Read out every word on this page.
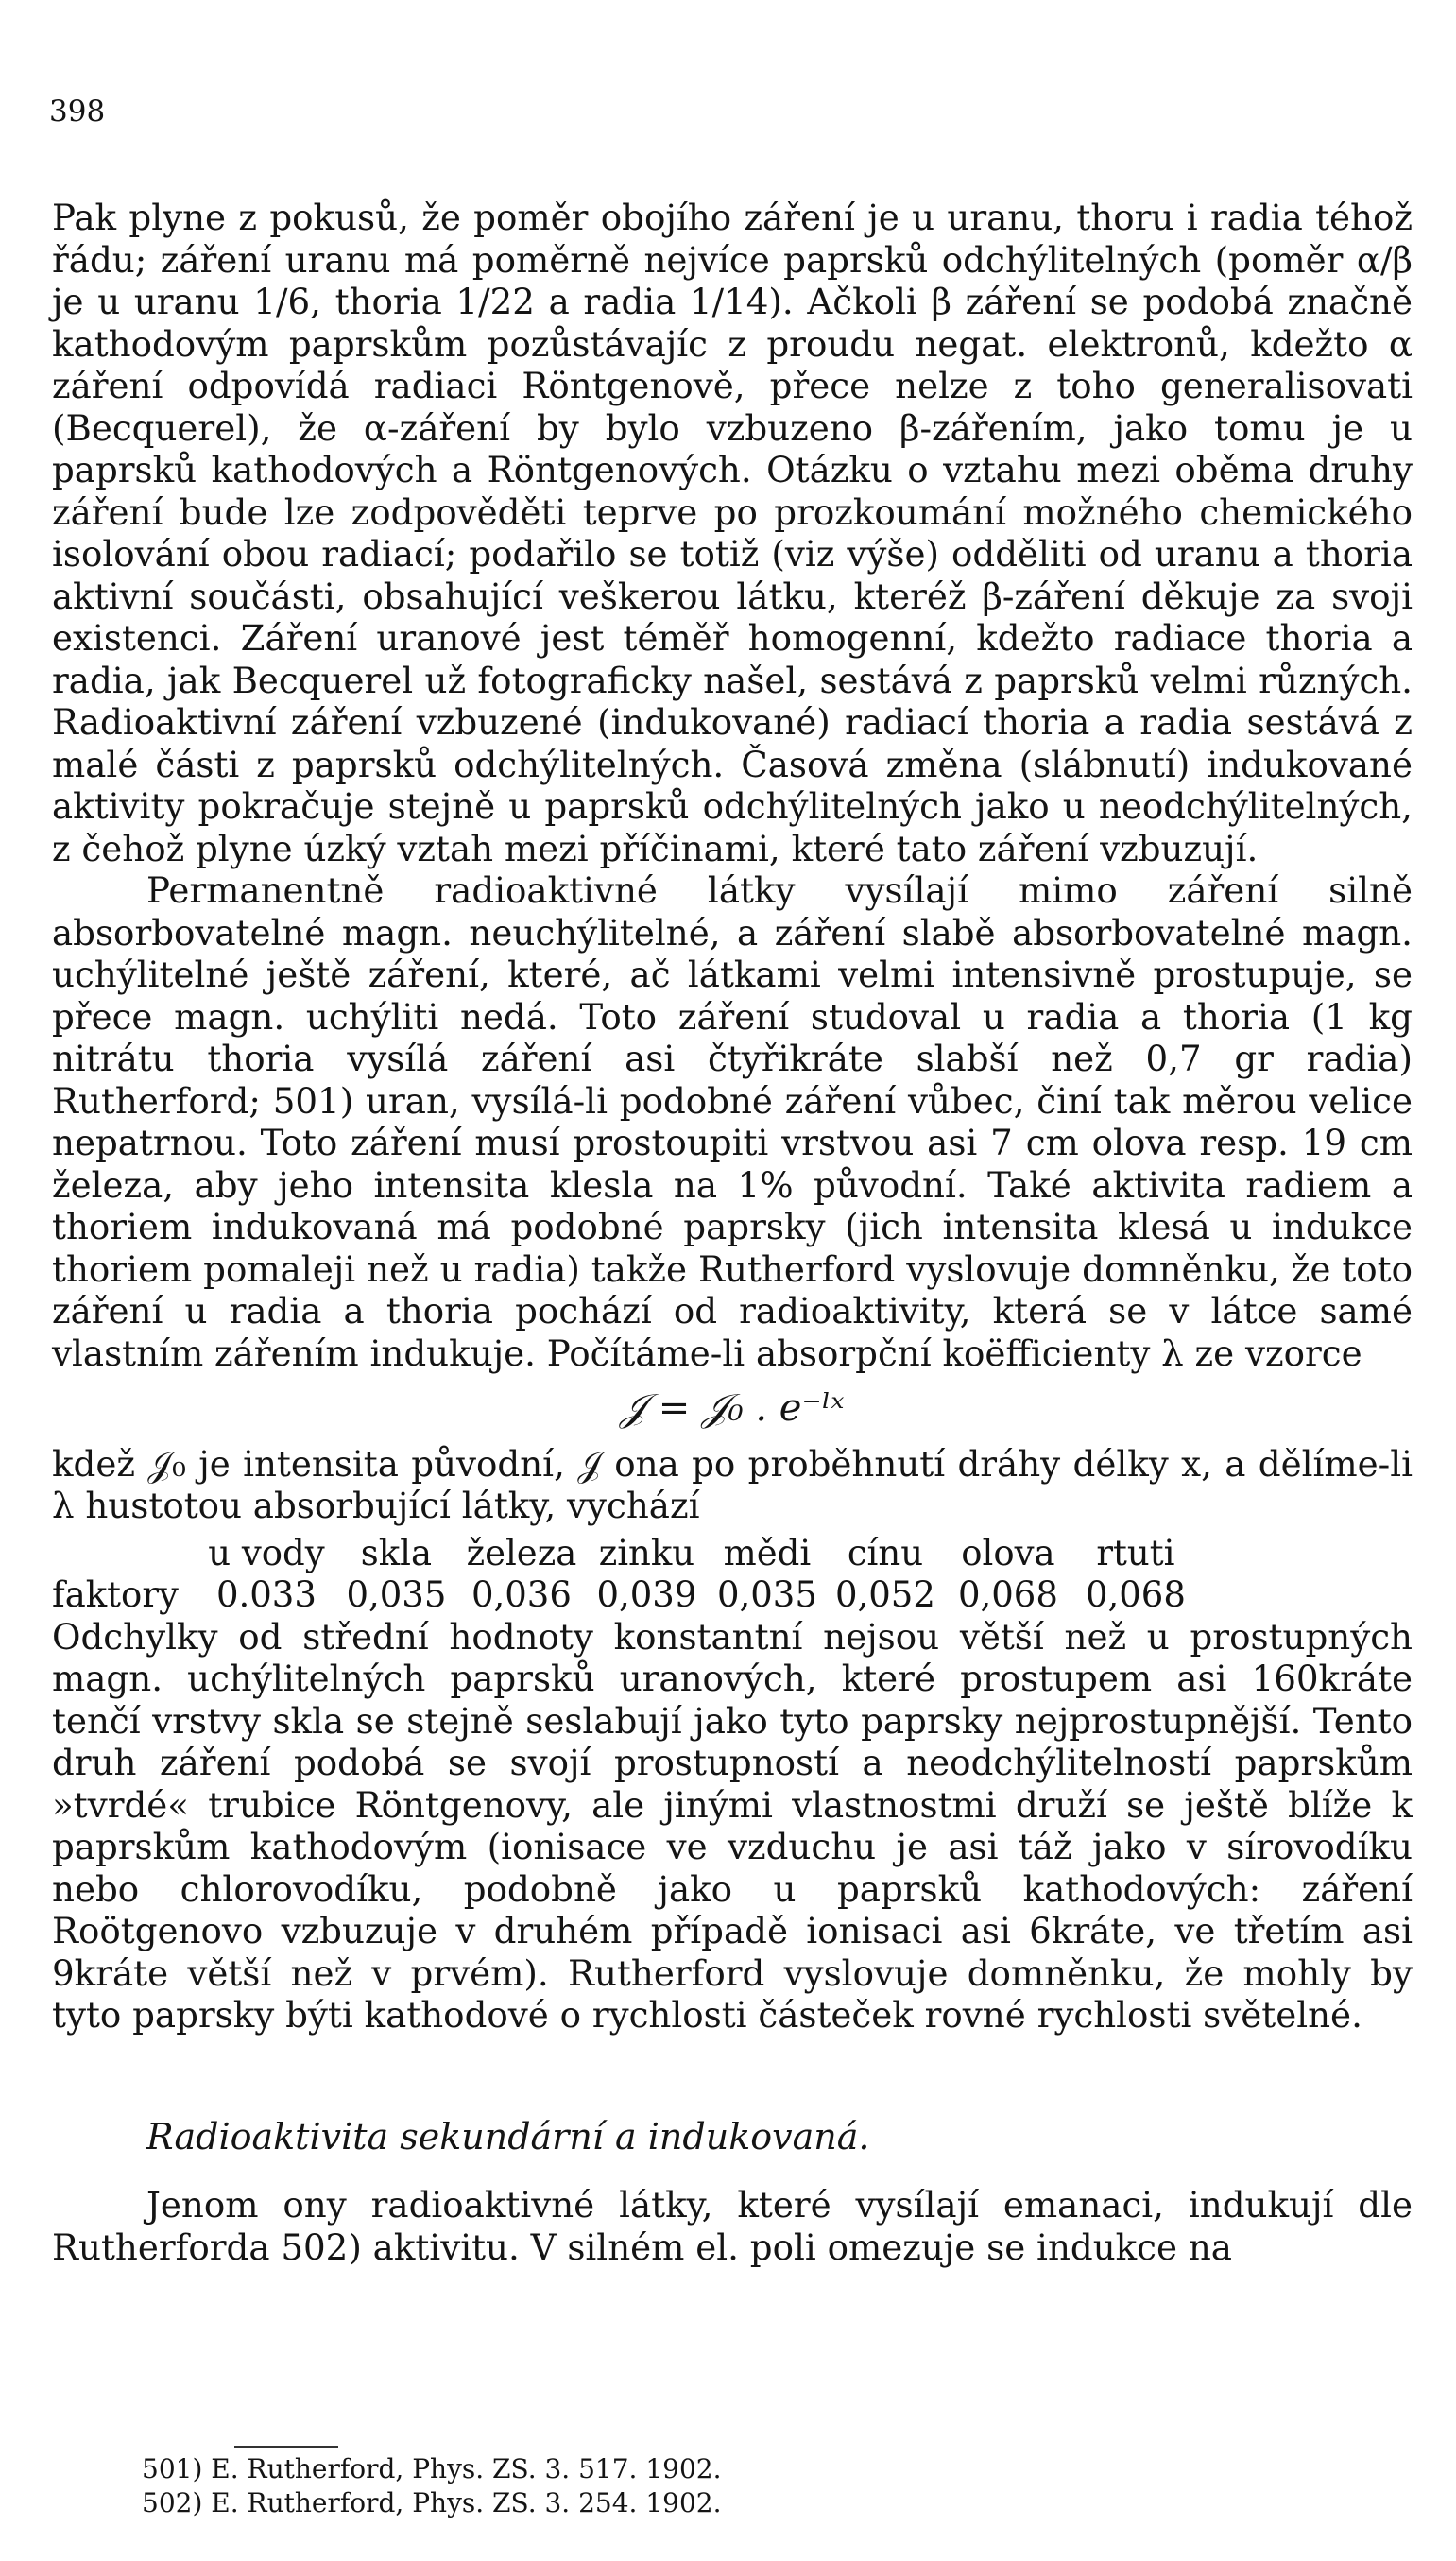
398

Pak plyne z pokusů, že poměr obojího záření je u uranu, thoru i radia téhož řádu; záření uranu má poměrně nejvíce paprsků odchýlitelných (poměr α/β je u uranu 1/6, thoria 1/22 a radia 1/14). Ačkoli β záření se podobá značně kathodovým paprskům pozůstávajíc z proudu negat. elektronů, kdežto α záření odpovídá radiaci Röntgenově, přece nelze z toho generalisovati (Becquerel), že α-záření by bylo vzbuzeno β-zářením, jako tomu je u paprsků kathodových a Röntgenových. Otázku o vztahu mezi oběma druhy záření bude lze zodpověděti teprve po prozkoumání možného chemického isolování obou radiací; podařilo se totiž (viz výše) odděliti od uranu a thoria aktivní součásti, obsahující veškerou látku, kteréž β-záření děkuje za svoji existenci. Záření uranové jest téměř homogenní, kdežto radiace thoria a radia, jak Becquerel už fotograficky našel, sestává z paprsků velmi různých. Radioaktivní záření vzbuzené (indukované) radiací thoria a radia sestává z malé části z paprsků odchýlitelných. Časová změna (slábnutí) indukované aktivity pokračuje stejně u paprsků odchýlitelných jako u neodchýlitelných, z čehož plyne úzký vztah mezi příčinami, které tato záření vzbuzují.

Permanentně radioaktivné látky vysílají mimo záření silně absorbovatelné magn. neuchýlitelné, a záření slabě absorbovatelné magn. uchýlitelné ještě záření, které, ač látkami velmi intensivně prostupuje, se přece magn. uchýliti nedá. Toto záření studoval u radia a thoria (1 kg nitrátu thoria vysílá záření asi čtyřikráte slabší než 0,7 gr radia) Rutherford; 501) uran, vysílá-li podobné záření vůbec, činí tak měrou velice nepatrnou. Toto záření musí prostoupiti vrstvou asi 7 cm olova resp. 19 cm železa, aby jeho intensita klesla na 1% původní. Také aktivita radiem a thoriem indukovaná má podobné paprsky (jich intensita klesá u indukce thoriem pomaleji než u radia) takže Rutherford vyslovuje domněnku, že toto záření u radia a thoria pochází od radioaktivity, která se v látce samé vlastním zářením indukuje. Počítáme-li absorpční koëfficienty λ ze vzorce

𝒥 = 𝒥₀ . e⁻ˡˣ

kdež 𝒥₀ je intensita původní, 𝒥 ona po proběhnutí dráhy délky x, a dělíme-li λ hustotou absorbující látky, vychází

	u vody	skla	železa	zinku	mědi	cínu	olova	rtuti
faktory	0.033	0,035	0,036	0,039	0,035	0,052	0,068	0,068

Odchylky od střední hodnoty konstantní nejsou větší než u prostupných magn. uchýlitelných paprsků uranových, které prostupem asi 160kráte tenčí vrstvy skla se stejně seslabují jako tyto paprsky nejprostupnější. Tento druh záření podobá se svojí prostupností a neodchýlitelností paprskům »tvrdé« trubice Röntgenovy, ale jinými vlastnostmi druží se ještě blíže k paprskům kathodovým (ionisace ve vzduchu je asi táž jako v sírovodíku nebo chlorovodíku, podobně jako u paprsků kathodových: záření Roötgenovo vzbuzuje v druhém případě ionisaci asi 6kráte, ve třetím asi 9kráte větší než v prvém). Rutherford vyslovuje domněnku, že mohly by tyto paprsky býti kathodové o rychlosti částeček rovné rychlosti světelné.

Radioaktivita sekundární a indukovaná.

Jenom ony radioaktivné látky, které vysílají emanaci, indukují dle Rutherforda 502) aktivitu. V silném el. poli omezuje se indukce na

501) E. Rutherford, Phys. ZS. 3. 517. 1902.
502) E. Rutherford, Phys. ZS. 3. 254. 1902.
